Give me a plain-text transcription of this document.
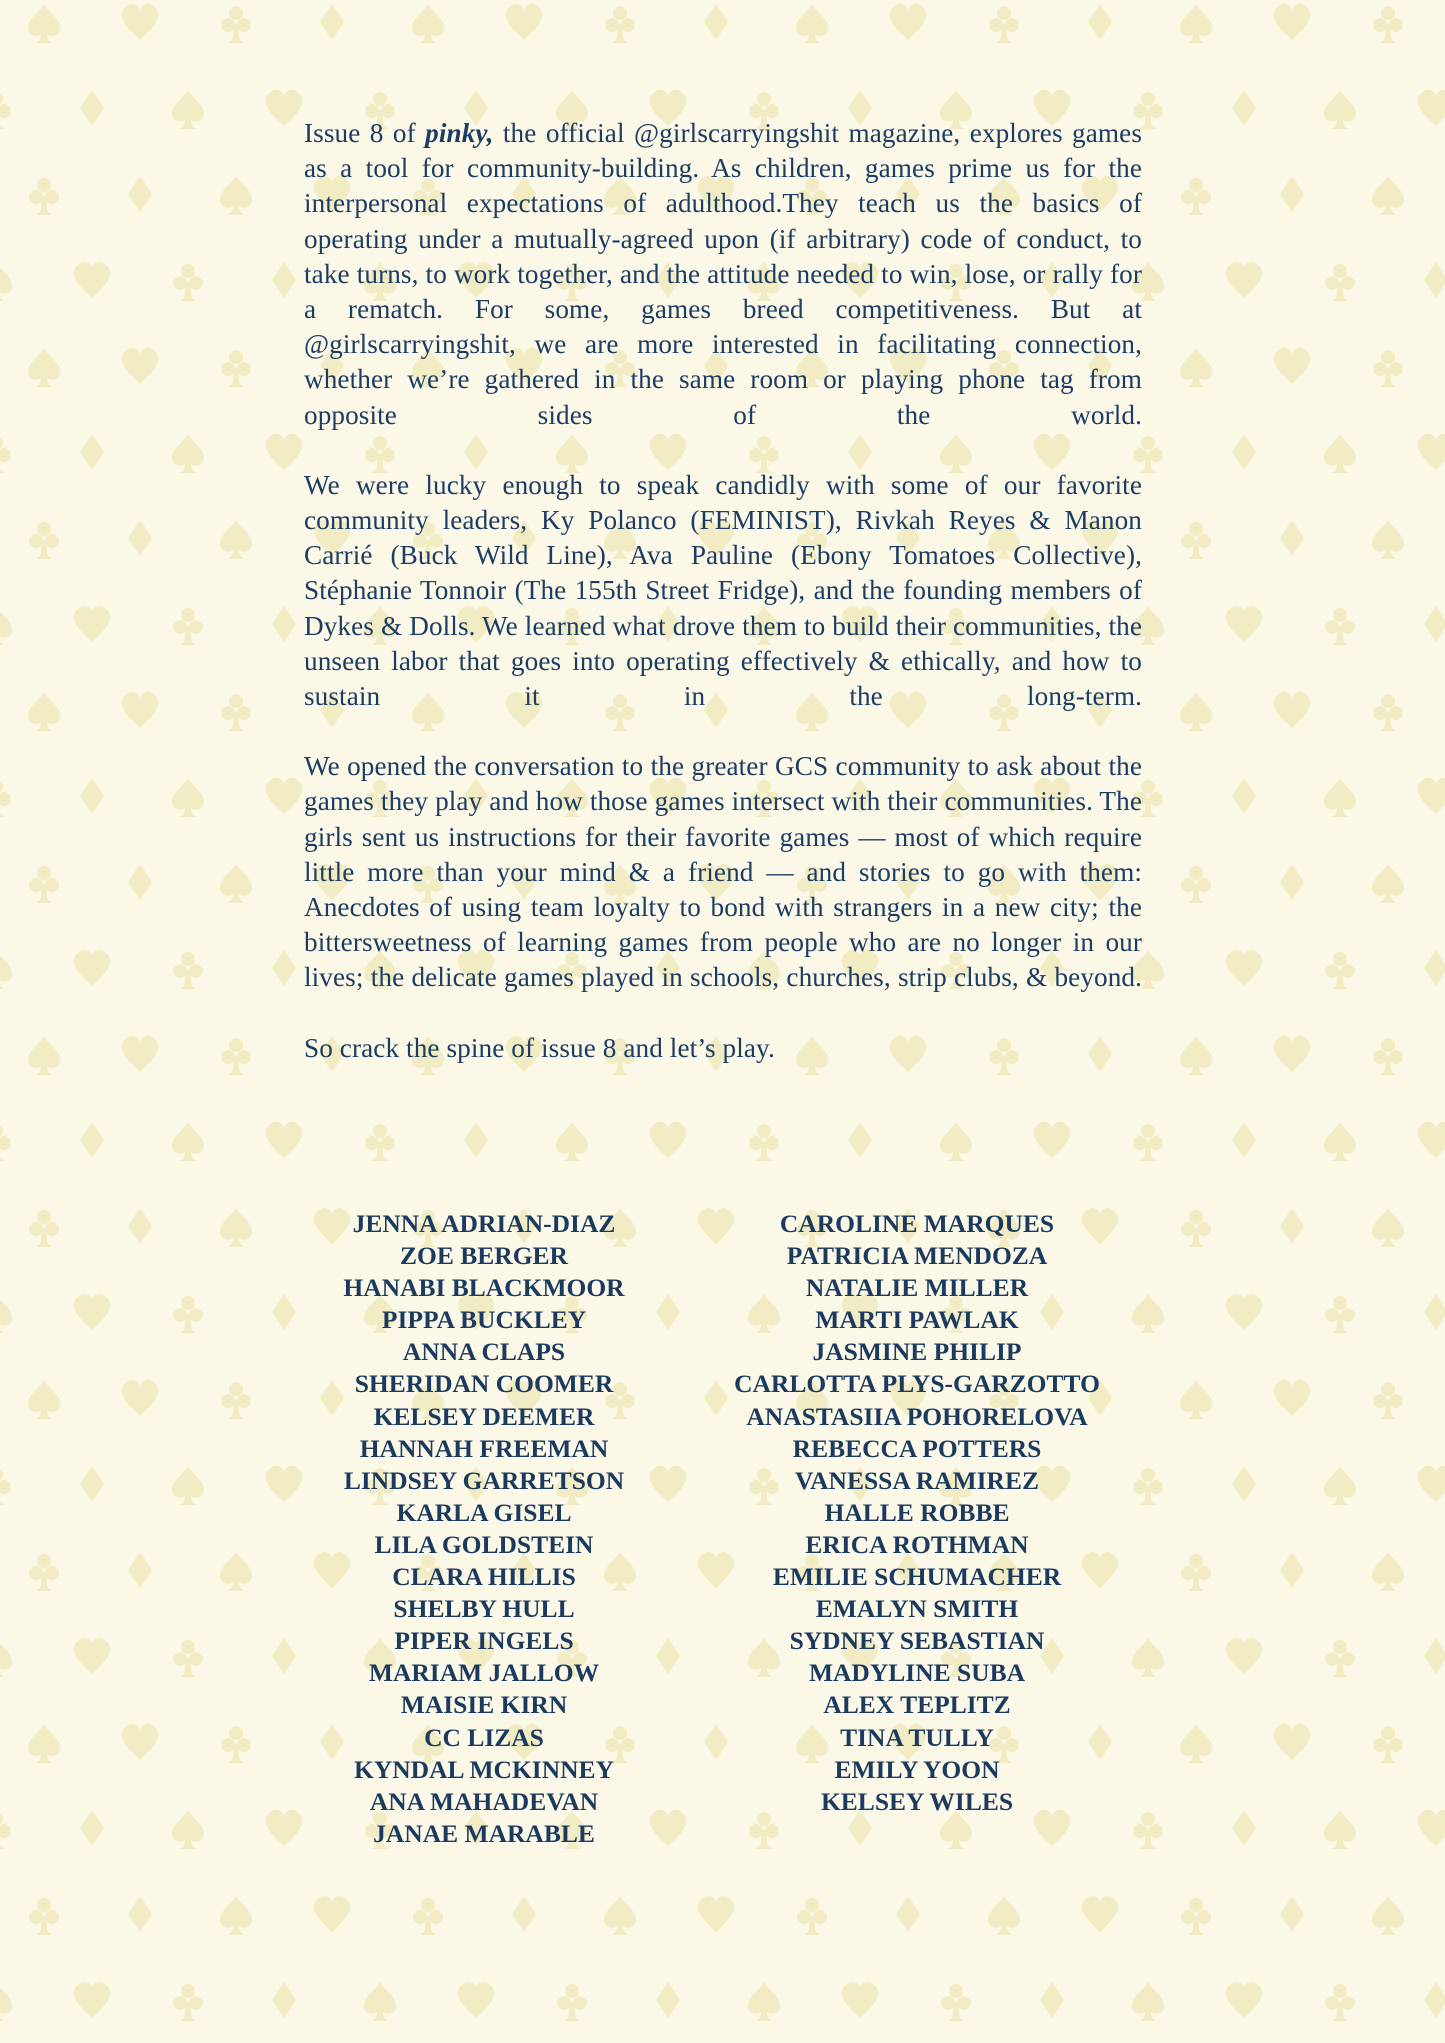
Issue 8 of pinky, the official @girlscarryingshit magazine, explores games as a tool for community-building. As children, games prime us for the interpersonal expectations of adulthood.They teach us the basics of operating under a mutually-agreed upon (if arbitrary) code of conduct, to take turns, to work together, and the attitude needed to win, lose, or rally for a rematch. For some, games breed competitiveness. But at @girlscarryingshit, we are more interested in facilitating connection, whether we’re gathered in the same room or playing phone tag from opposite sides of the world.

We were lucky enough to speak candidly with some of our favorite community leaders, Ky Polanco (FEMINIST), Rivkah Reyes & Manon Carrié (Buck Wild Line), Ava Pauline (Ebony Tomatoes Collective), Stéphanie Tonnoir (The 155th Street Fridge), and the founding members of Dykes & Dolls. We learned what drove them to build their communities, the unseen labor that goes into operating effectively & ethically, and how to sustain it in the long-term.

We opened the conversation to the greater GCS community to ask about the games they play and how those games intersect with their communities. The girls sent us instructions for their favorite games — most of which require little more than your mind & a friend — and stories to go with them: Anecdotes of using team loyalty to bond with strangers in a new city; the bittersweetness of learning games from people who are no longer in our lives; the delicate games played in schools, churches, strip clubs, & beyond.

So crack the spine of issue 8 and let’s play.

JENNA ADRIAN-DIAZ
ZOE BERGER
HANABI BLACKMOOR
PIPPA BUCKLEY
ANNA CLAPS
SHERIDAN COOMER
KELSEY DEEMER
HANNAH FREEMAN
LINDSEY GARRETSON
KARLA GISEL
LILA GOLDSTEIN
CLARA HILLIS
SHELBY HULL
PIPER INGELS
MARIAM JALLOW
MAISIE KIRN
CC LIZAS
KYNDAL MCKINNEY
ANA MAHADEVAN
JANAE MARABLE
CAROLINE MARQUES
PATRICIA MENDOZA
NATALIE MILLER
MARTI PAWLAK
JASMINE PHILIP
CARLOTTA PLYS-GARZOTTO
ANASTASIIA POHORELOVA
REBECCA POTTERS
VANESSA RAMIREZ
HALLE ROBBE
ERICA ROTHMAN
EMILIE SCHUMACHER
EMALYN SMITH
SYDNEY SEBASTIAN
MADYLINE SUBA
ALEX TEPLITZ
TINA TULLY
EMILY YOON
KELSEY WILES
